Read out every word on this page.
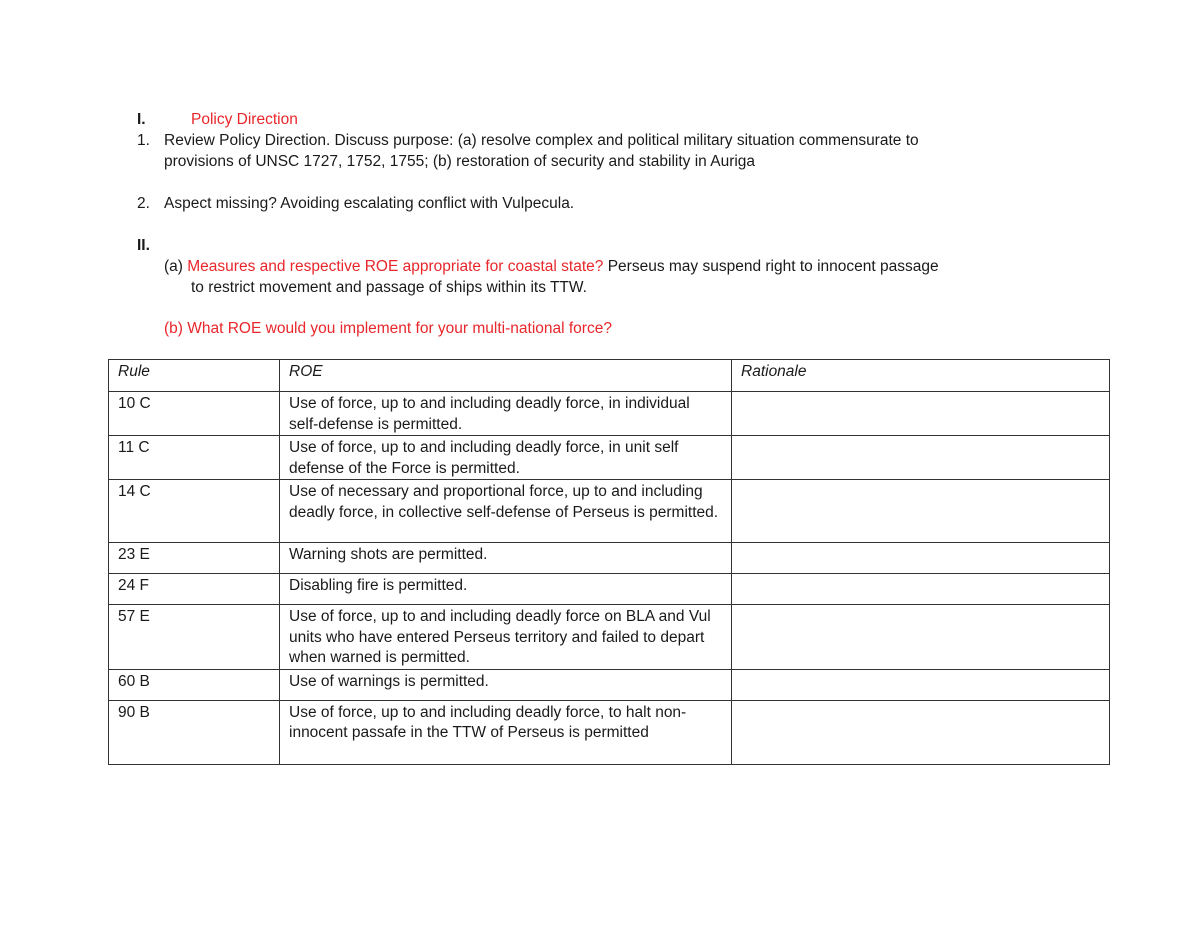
I.	Policy Direction
1. Review Policy Direction. Discuss purpose: (a) resolve complex and political military situation commensurate to
provisions of UNSC 1727, 1752, 1755; (b) restoration of security and stability in Auriga
2. Aspect missing? Avoiding escalating conflict with Vulpecula.
II.
(a) Measures and respective ROE appropriate for coastal state? Perseus may suspend right to innocent passage
to restrict movement and passage of ships within its TTW.
(b) What ROE would you implement for your multi-national force?
Rule	ROE	Rationale
10 C	Use of force, up to and including deadly force, in individual self-defense is permitted.	
11 C	Use of force, up to and including deadly force, in unit self defense of the Force is permitted.	
14 C	Use of necessary and proportional force, up to and including deadly force, in collective self-defense of Perseus is permitted.	
23 E	Warning shots are permitted.	
24 F	Disabling fire is permitted.	
57 E	Use of force, up to and including deadly force on BLA and Vul units who have entered Perseus territory and failed to depart when warned is permitted.	
60 B	Use of warnings is permitted.	
90 B	Use of force, up to and including deadly force, to halt non-innocent passafe in the TTW of Perseus is permitted	
